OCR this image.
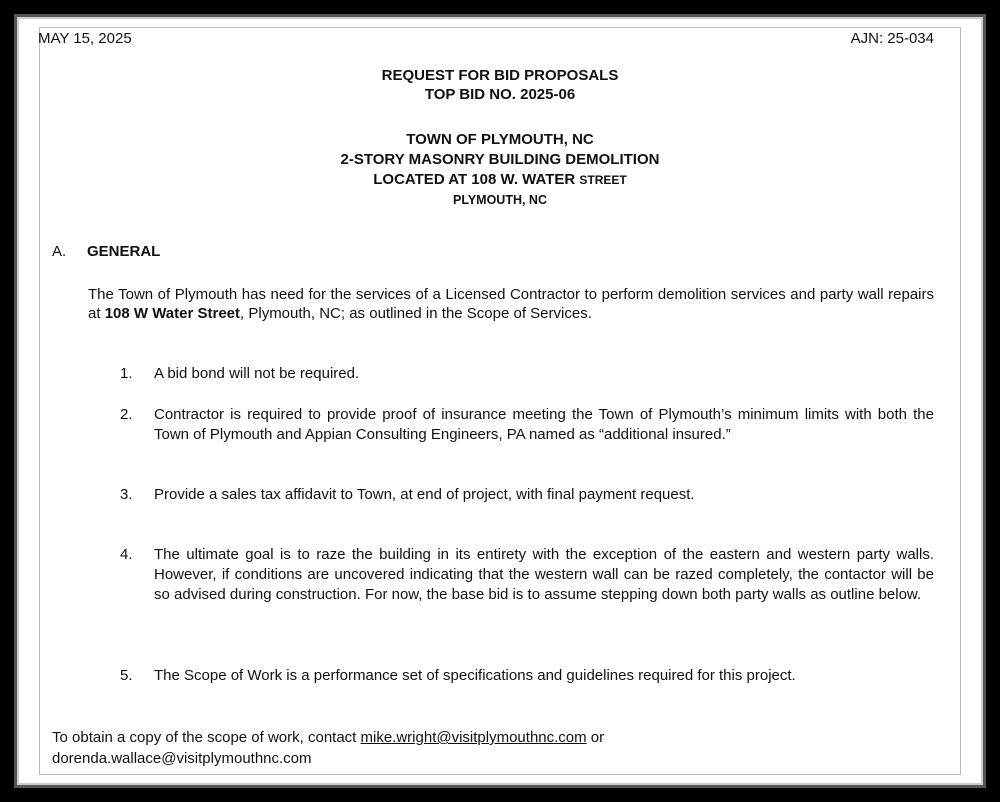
MAY 15, 2025	AJN: 25-034
REQUEST FOR BID PROPOSALS
TOP BID NO. 2025-06
TOWN OF PLYMOUTH, NC
2-STORY MASONRY BUILDING DEMOLITION
LOCATED AT 108 W. WATER STREET
PLYMOUTH, NC
A. GENERAL
The Town of Plymouth has need for the services of a Licensed Contractor to perform demolition services and party wall repairs at 108 W Water Street, Plymouth, NC; as outlined in the Scope of Services.
1.	A bid bond will not be required.
2.	Contractor is required to provide proof of insurance meeting the Town of Plymouth’s minimum limits with both the Town of Plymouth and Appian Consulting Engineers, PA named as “additional insured.”
3.	Provide a sales tax affidavit to Town, at end of project, with final payment request.
4.	The ultimate goal is to raze the building in its entirety with the exception of the eastern and western party walls. However, if conditions are uncovered indicating that the western wall can be razed completely, the contactor will be so advised during construction. For now, the base bid is to assume stepping down both party walls as outline below.
5.	The Scope of Work is a performance set of specifications and guidelines required for this project.
To obtain a copy of the scope of work, contact mike.wright@visitplymouthnc.com or
dorenda.wallace@visitplymouthnc.com
